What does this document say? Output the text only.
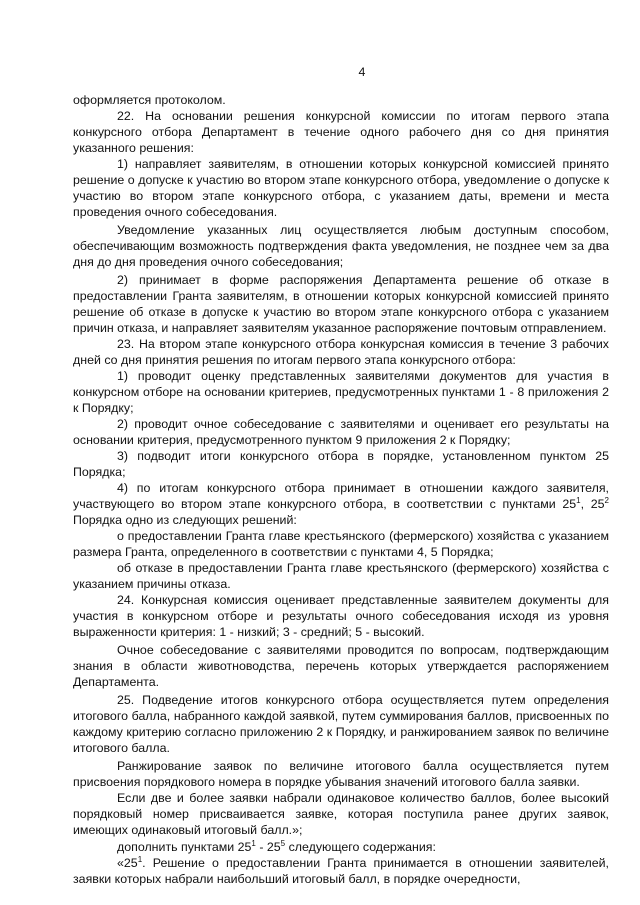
4

оформляется протоколом.

22. На основании решения конкурсной комиссии по итогам первого этапа конкурсного отбора Департамент в течение одного рабочего дня со дня принятия указанного решения:

1) направляет заявителям, в отношении которых конкурсной комиссией принято решение о допуске к участию во втором этапе конкурсного отбора, уведомление о допуске к участию во втором этапе конкурсного отбора, с указанием даты, времени и места проведения очного собеседования.

Уведомление указанных лиц осуществляется любым доступным способом, обеспечивающим возможность подтверждения факта уведомления, не позднее чем за два дня до дня проведения очного собеседования;

2) принимает в форме распоряжения Департамента решение об отказе в предоставлении Гранта заявителям, в отношении которых конкурсной комиссией принято решение об отказе в допуске к участию во втором этапе конкурсного отбора с указанием причин отказа, и направляет заявителям указанное распоряжение почтовым отправлением.

23. На втором этапе конкурсного отбора конкурсная комиссия в течение 3 рабочих дней со дня принятия решения по итогам первого этапа конкурсного отбора:

1) проводит оценку представленных заявителями документов для участия в конкурсном отборе на основании критериев, предусмотренных пунктами 1 - 8 приложения 2 к Порядку;

2) проводит очное собеседование с заявителями и оценивает его результаты на основании критерия, предусмотренного пунктом 9 приложения 2 к Порядку;

3) подводит итоги конкурсного отбора в порядке, установленном пунктом 25 Порядка;

4) по итогам конкурсного отбора принимает в отношении каждого заявителя, участвующего во втором этапе конкурсного отбора, в соответствии с пунктами $25^1$, $25^2$ Порядка одно из следующих решений:

о предоставлении Гранта главе крестьянского (фермерского) хозяйства с указанием размера Гранта, определенного в соответствии с пунктами 4, 5 Порядка;

об отказе в предоставлении Гранта главе крестьянского (фермерского) хозяйства с указанием причины отказа.

24. Конкурсная комиссия оценивает представленные заявителем документы для участия в конкурсном отборе и результаты очного собеседования исходя из уровня выраженности критерия: 1 - низкий; 3 - средний; 5 - высокий.

Очное собеседование с заявителями проводится по вопросам, подтверждающим знания в области животноводства, перечень которых утверждается распоряжением Департамента.

25. Подведение итогов конкурсного отбора осуществляется путем определения итогового балла, набранного каждой заявкой, путем суммирования баллов, присвоенных по каждому критерию согласно приложению 2 к Порядку, и ранжированием заявок по величине итогового балла.

Ранжирование заявок по величине итогового балла осуществляется путем присвоения порядкового номера в порядке убывания значений итогового балла заявки.

Если две и более заявки набрали одинаковое количество баллов, более высокий порядковый номер присваивается заявке, которая поступила ранее других заявок, имеющих одинаковый итоговый балл.»;

дополнить пунктами $25^1 - 25^5$ следующего содержания:

«$25^1$. Решение о предоставлении Гранта принимается в отношении заявителей, заявки которых набрали наибольший итоговый балл, в порядке очередности,
